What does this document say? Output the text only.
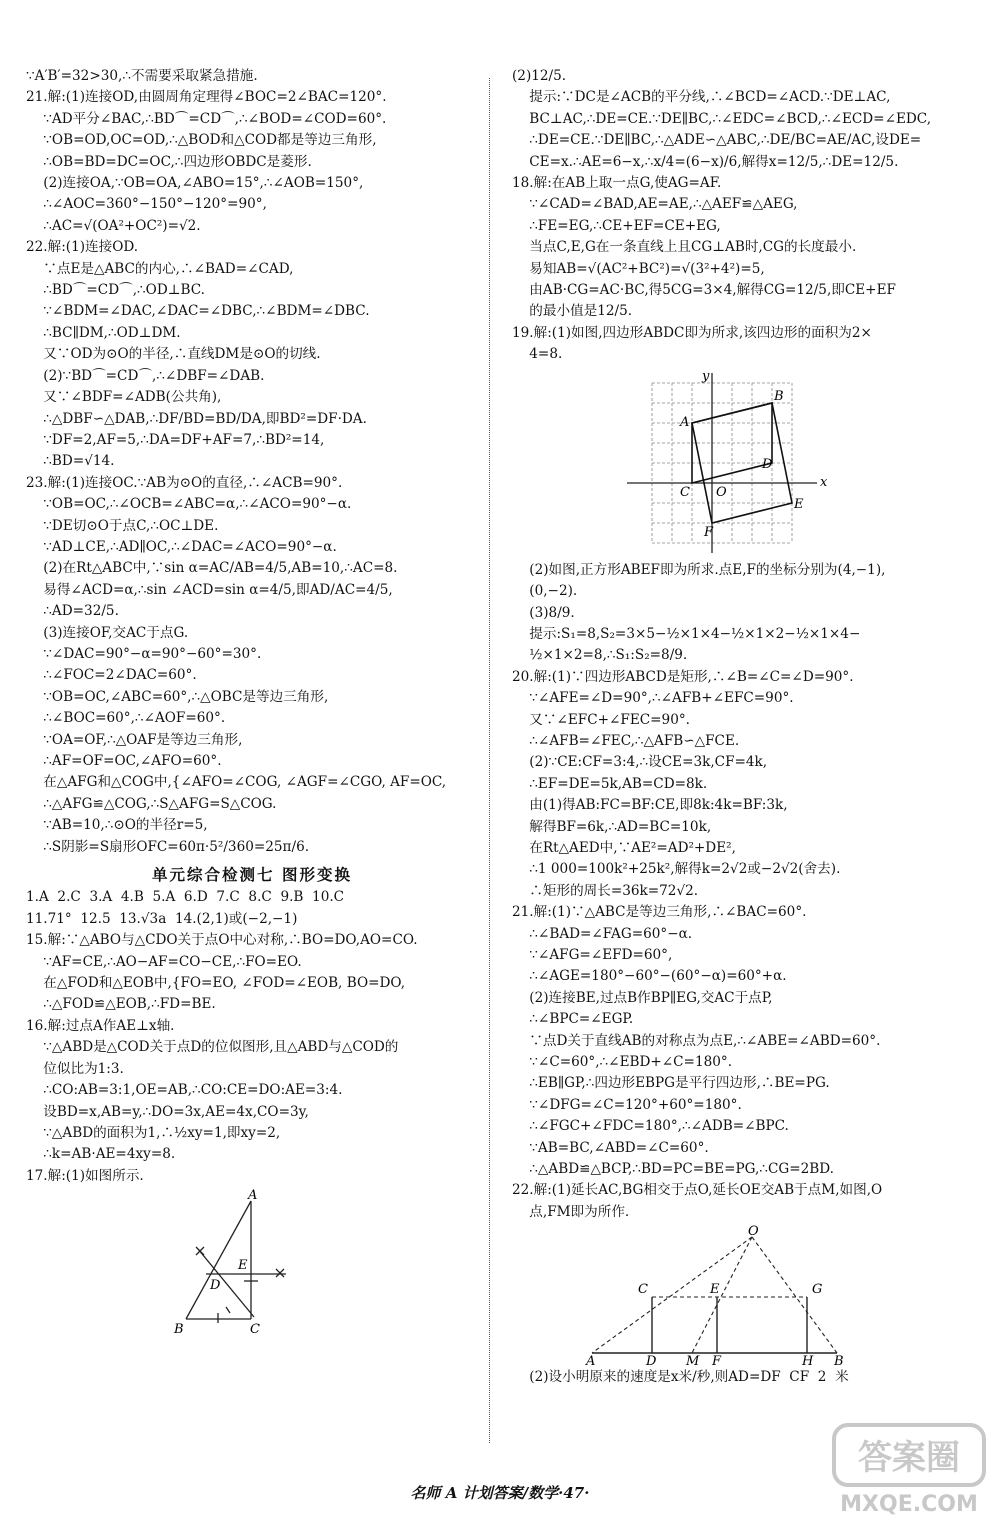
∵A′B′=32>30,∴不需要采取紧急措施.
21.解:(1)连接OD,由圆周角定理得∠BOC=2∠BAC=120°.
∵AD平分∠BAC,∴BD⌒=CD⌒,∴∠BOD=∠COD=60°.
∵OB=OD,OC=OD,∴△BOD和△COD都是等边三角形,
∴OB=BD=DC=OC,∴四边形OBDC是菱形.
(2)连接OA,∵OB=OA,∠ABO=15°,∴∠AOB=150°,
∴∠AOC=360°−150°−120°=90°,
∴AC=√(OA²+OC²)=√2.
22.解:(1)连接OD.
∵点E是△ABC的内心,∴∠BAD=∠CAD,
∴BD⌒=CD⌒,∴OD⊥BC.
∵∠BDM=∠DAC,∠DAC=∠DBC,∴∠BDM=∠DBC.
∴BC∥DM,∴OD⊥DM.
又∵OD为⊙O的半径,∴直线DM是⊙O的切线.
(2)∵BD⌒=CD⌒,∴∠DBF=∠DAB.
又∵∠BDF=∠ADB(公共角),
∴△DBF∽△DAB,∴DF/BD=BD/DA,即BD²=DF·DA.
∵DF=2,AF=5,∴DA=DF+AF=7,∴BD²=14,
∴BD=√14.
23.解:(1)连接OC.∵AB为⊙O的直径,∴∠ACB=90°.
∵OB=OC,∴∠OCB=∠ABC=α,∴∠ACO=90°−α.
∵DE切⊙O于点C,∴OC⊥DE.
∵AD⊥CE,∴AD∥OC,∴∠DAC=∠ACO=90°−α.
(2)在Rt△ABC中,∵sin α=AC/AB=4/5,AB=10,∴AC=8.
易得∠ACD=α,∴sin ∠ACD=sin α=4/5,即AD/AC=4/5,
∴AD=32/5.
(3)连接OF,交AC于点G.
∵∠DAC=90°−α=90°−60°=30°.
∴∠FOC=2∠DAC=60°.
∵OB=OC,∠ABC=60°,∴△OBC是等边三角形,
∴∠BOC=60°,∴∠AOF=60°.
∵OA=OF,∴△OAF是等边三角形,
∴AF=OF=OC,∠AFO=60°.
在△AFG和△COG中,{∠AFO=∠COG, ∠AGF=∠CGO, AF=OC,
∴△AFG≌△COG,∴S△AFG=S△COG.
∵AB=10,∴⊙O的半径r=5,
∴S阴影=S扇形OFC=60π·5²/360=25π/6.
单元综合检测七 图形变换
1.A  2.C  3.A  4.B  5.A  6.D  7.C  8.C  9.B  10.C
11.71°  12.5  13.√3a  14.(2,1)或(−2,−1)
15.解:∵△ABO与△CDO关于点O中心对称,∴BO=DO,AO=CO.
∵AF=CE,∴AO−AF=CO−CE,∴FO=EO.
在△FOD和△EOB中,{FO=EO, ∠FOD=∠EOB, BO=DO,
∴△FOD≌△EOB,∴FD=BE.
16.解:过点A作AE⊥x轴.
∵△ABD是△COD关于点D的位似图形,且△ABD与△COD的
位似比为1:3.
∴CO:AB=3:1,OE=AB,∴CO:CE=DO:AE=3:4.
设BD=x,AB=y,∴DO=3x,AE=4x,CO=3y,
∵△ABD的面积为1,∴½xy=1,即xy=2,
∴k=AB·AE=4xy=8.
17.解:(1)如图所示.
A
E
D
B	C
(2)12/5.
提示:∵DC是∠ACB的平分线,∴∠BCD=∠ACD.∵DE⊥AC,
BC⊥AC,∴DE=CE.∵DE∥BC,∴∠EDC=∠BCD,∴∠ECD=∠EDC,
∴DE=CE.∵DE∥BC,∴△ADE∽△ABC,∴DE/BC=AE/AC,设DE=
CE=x.∴AE=6−x,∴x/4=(6−x)/6,解得x=12/5,∴DE=12/5.
18.解:在AB上取一点G,使AG=AF.
∵∠CAD=∠BAD,AE=AE,∴△AEF≌△AEG,
∴FE=EG,∴CE+EF=CE+EG,
当点C,E,G在一条直线上且CG⊥AB时,CG的长度最小.
易知AB=√(AC²+BC²)=√(3²+4²)=5,
由AB·CG=AC·BC,得5CG=3×4,解得CG=12/5,即CE+EF
的最小值是12/5.
19.解:(1)如图,四边形ABDC即为所求,该四边形的面积为2×
4=8.
y
B
A
D
C O
x
E
F
(2)如图,正方形ABEF即为所求.点E,F的坐标分别为(4,−1),
(0,−2).
(3)8/9.
提示:S₁=8,S₂=3×5−½×1×4−½×1×2−½×1×4−
½×1×2=8,∴S₁:S₂=8/9.
20.解:(1)∵四边形ABCD是矩形,∴∠B=∠C=∠D=90°.
∵∠AFE=∠D=90°,∴∠AFB+∠EFC=90°.
又∵∠EFC+∠FEC=90°.
∴∠AFB=∠FEC,∴△AFB∽△FCE.
(2)∵CE:CF=3:4,∴设CE=3k,CF=4k,
∴EF=DE=5k,AB=CD=8k.
由(1)得AB:FC=BF:CE,即8k:4k=BF:3k,
解得BF=6k,∴AD=BC=10k,
在Rt△AED中,∵AE²=AD²+DE²,
∴1 000=100k²+25k²,解得k=2√2或−2√2(舍去).
∴矩形的周长=36k=72√2.
21.解:(1)∵△ABC是等边三角形,∴∠BAC=60°.
∴∠BAD=∠FAG=60°−α.
∵∠AFG=∠EFD=60°,
∴∠AGE=180°−60°−(60°−α)=60°+α.
(2)连接BE,过点B作BP∥EG,交AC于点P,
∴∠BPC=∠EGP.
∵点D关于直线AB的对称点为点E,∴∠ABE=∠ABD=60°.
∵∠C=60°,∴∠EBD+∠C=180°.
∴EB∥GP,∴四边形EBPG是平行四边形,∴BE=PG.
∵∠DFG=∠C=120°+60°=180°.
∴∠FGC+∠FDC=180°,∴∠ADB=∠BPC.
∵AB=BC,∠ABD=∠C=60°.
∴△ABD≌△BCP,∴BD=PC=BE=PG,∴CG=2BD.
22.解:(1)延长AC,BG相交于点O,延长OE交AB于点M,如图,O
点,FM即为所作.
O
C	E	G
A	D M F	H B
(2)设小明原来的速度是x米/秒,则AD=DF  CF  2  米
名师 A 计划答案/数学·47·
答案圈
MXQE.COM
